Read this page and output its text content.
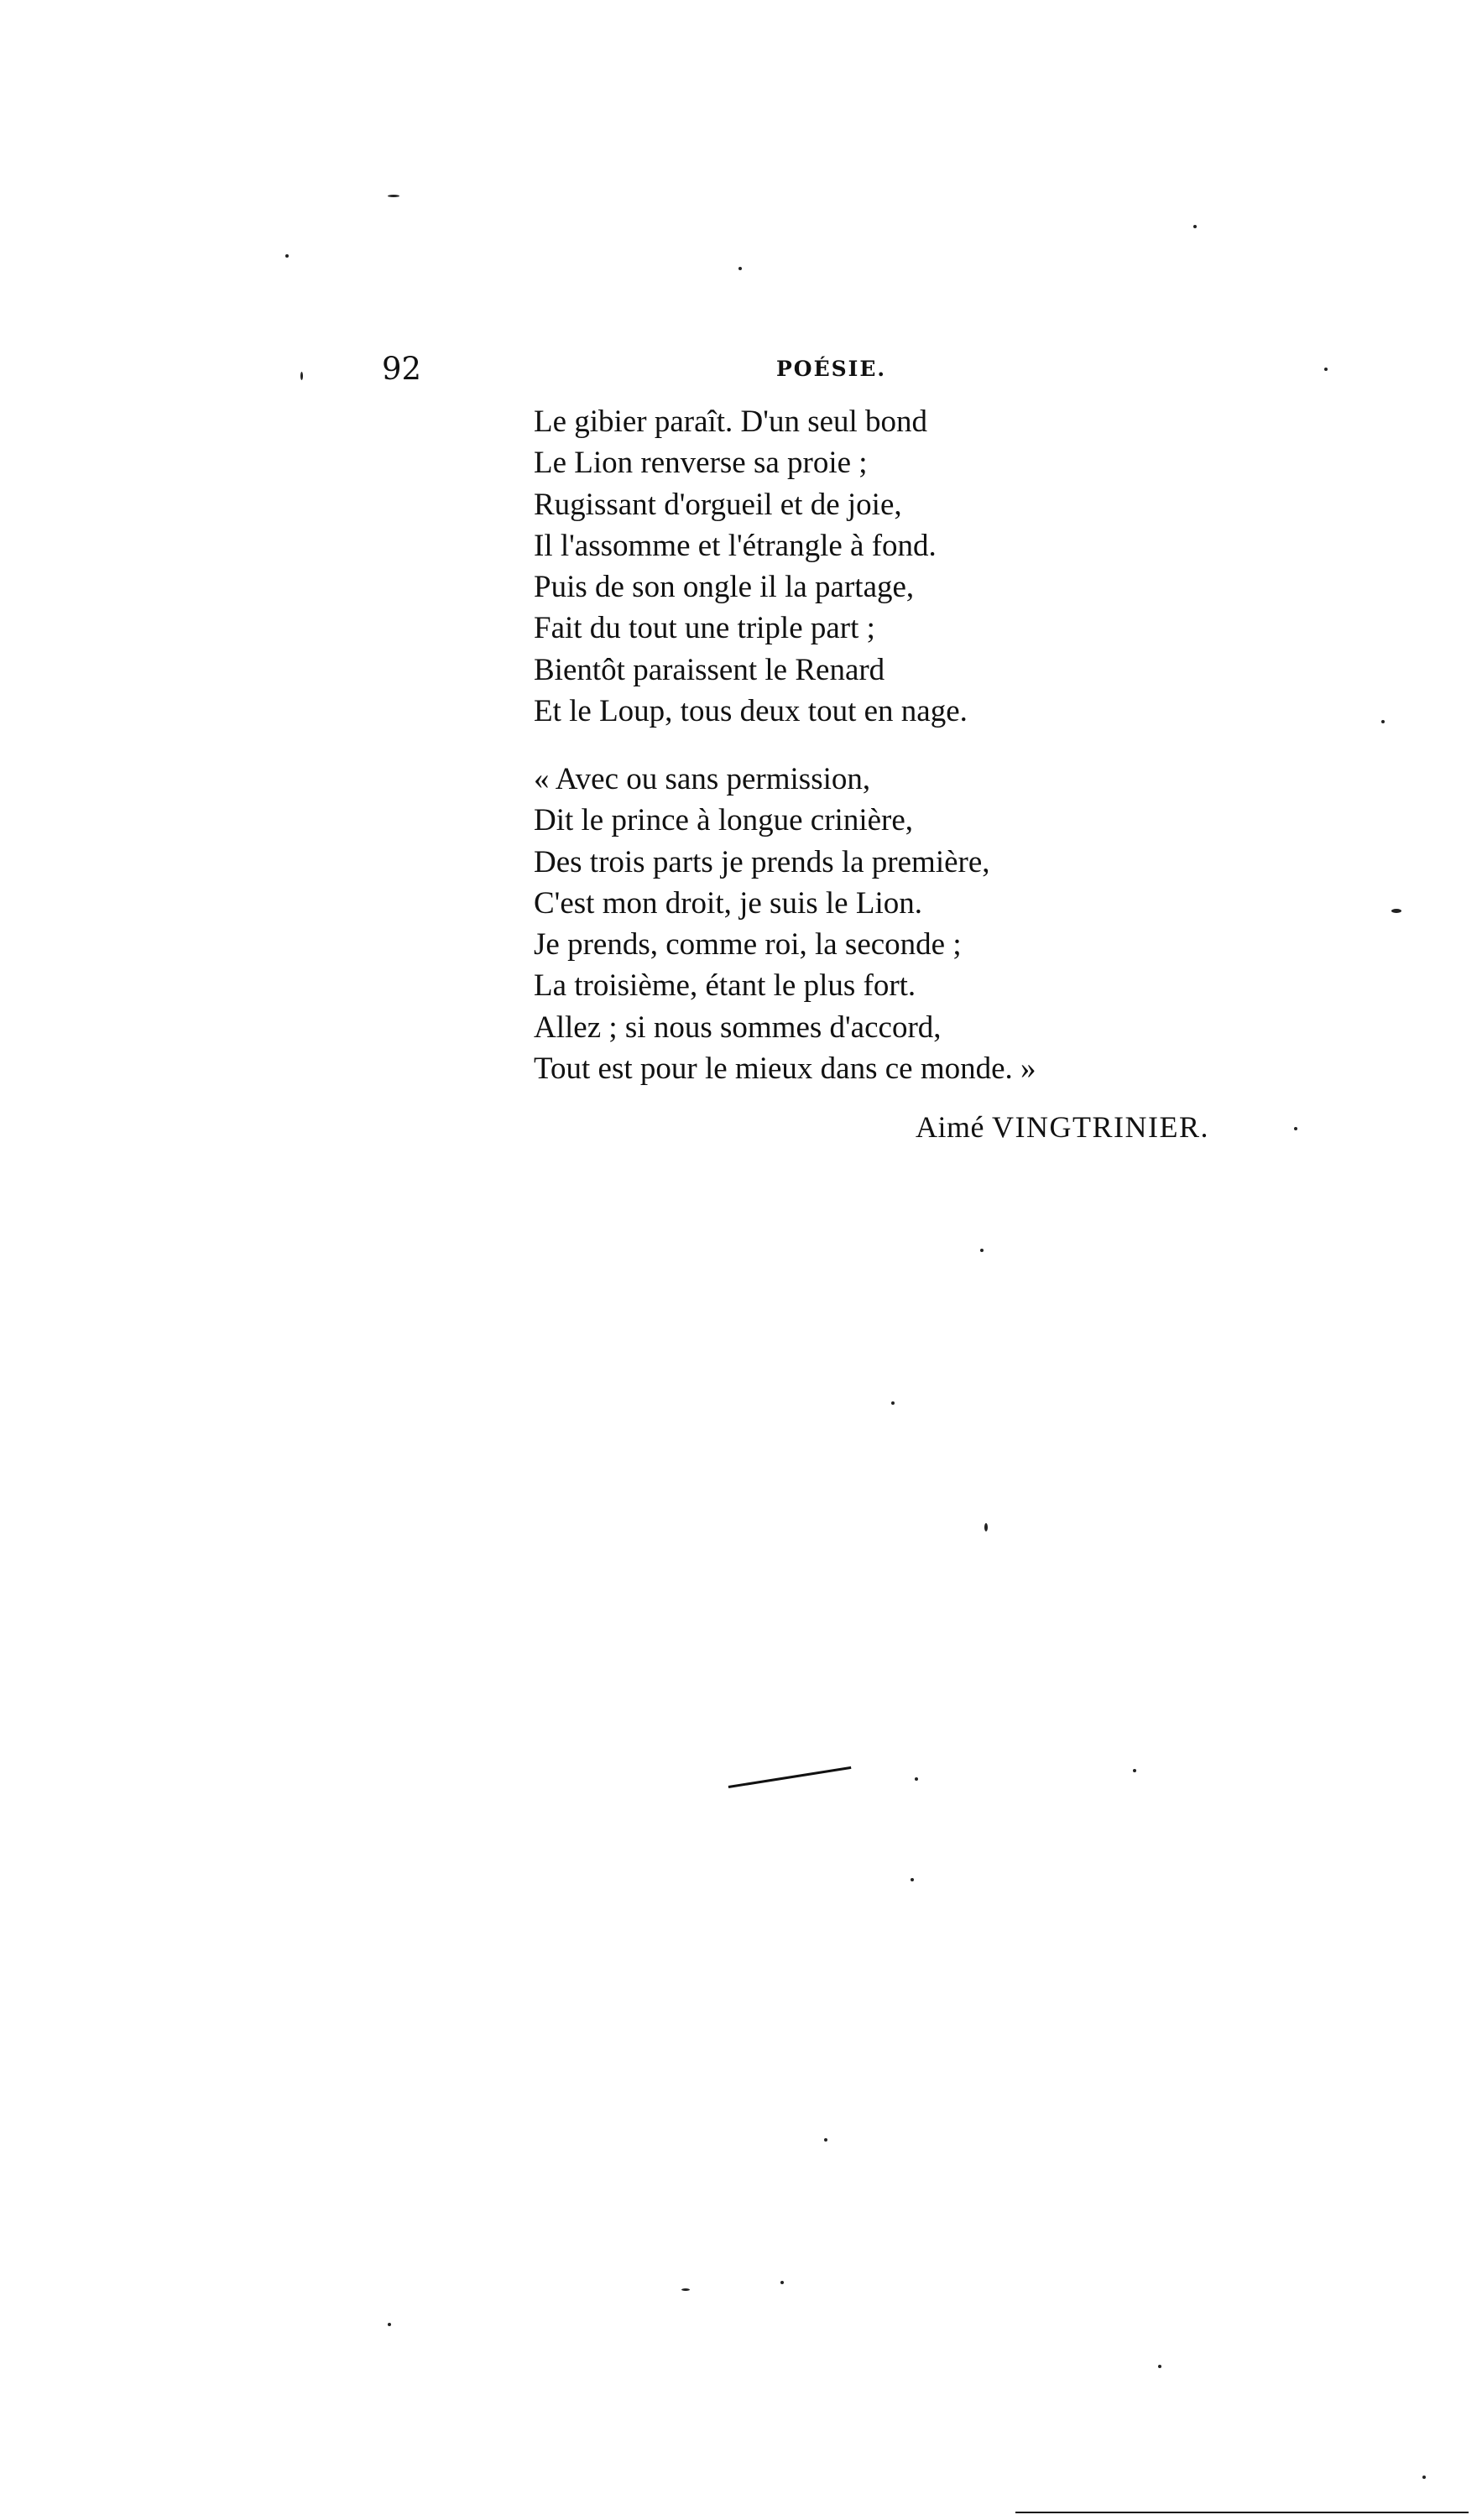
92	POÉSIE.
Le gibier paraît. D'un seul bond
Le Lion renverse sa proie ;
Rugissant d'orgueil et de joie,
Il l'assomme et l'étrangle à fond.
Puis de son ongle il la partage,
Fait du tout une triple part ;
Bientôt paraissent le Renard
Et le Loup, tous deux tout en nage.
« Avec ou sans permission,
Dit le prince à longue crinière,
Des trois parts je prends la première,
C'est mon droit, je suis le Lion.
Je prends, comme roi, la seconde ;
La troisième, étant le plus fort.
Allez ; si nous sommes d'accord,
Tout est pour le mieux dans ce monde. »
Aimé VINGTRINIER.
